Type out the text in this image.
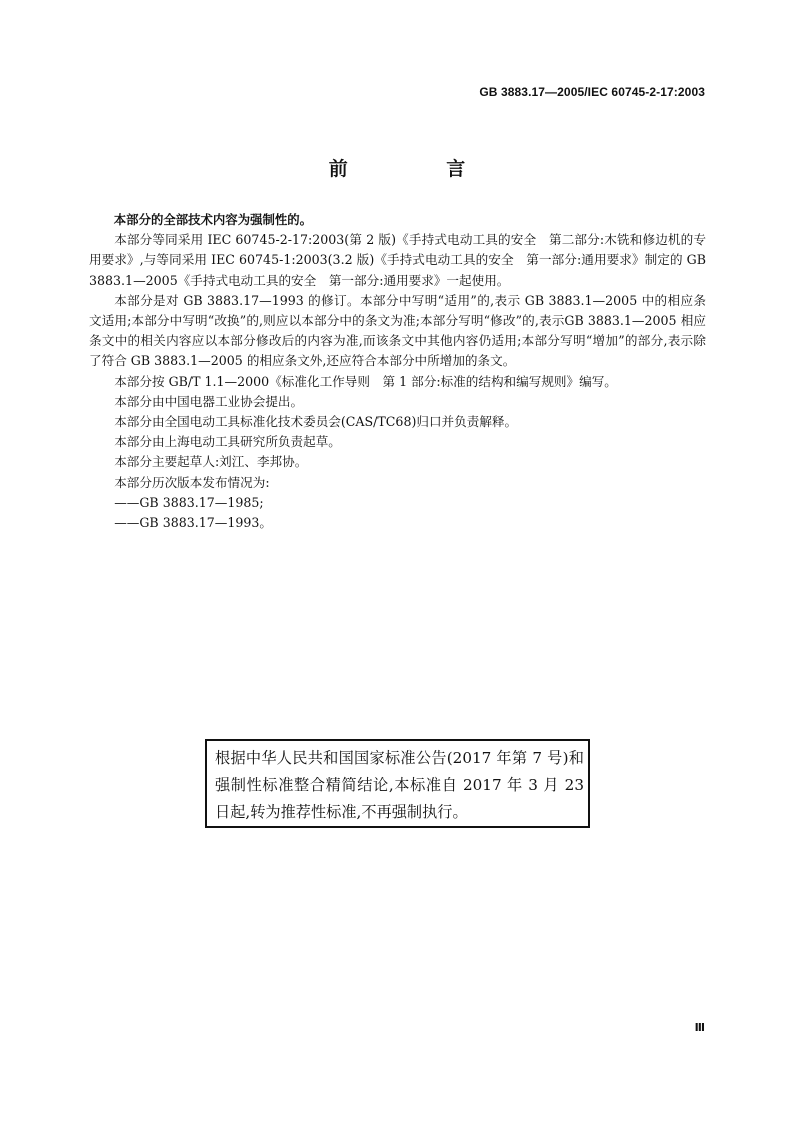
GB 3883.17—2005/IEC 60745-2-17:2003
前 言

本部分的全部技术内容为强制性的。

本部分等同采用 IEC 60745-2-17:2003(第 2 版)《手持式电动工具的安全　第二部分:木铣和修边机的专用要求》,与等同采用 IEC 60745-1:2003(3.2 版)《手持式电动工具的安全　第一部分:通用要求》制定的 GB 3883.1—2005《手持式电动工具的安全　第一部分:通用要求》一起使用。

本部分是对 GB 3883.17—1993 的修订。本部分中写明“适用”的,表示 GB 3883.1—2005 中的相应条文适用;本部分中写明“改换”的,则应以本部分中的条文为准;本部分写明“修改”的,表示GB 3883.1—2005 相应条文中的相关内容应以本部分修改后的内容为准,而该条文中其他内容仍适用;本部分写明“增加”的部分,表示除了符合 GB 3883.1—2005 的相应条文外,还应符合本部分中所增加的条文。

本部分按 GB/T 1.1—2000《标准化工作导则　第 1 部分:标准的结构和编写规则》编写。

本部分由中国电器工业协会提出。

本部分由全国电动工具标准化技术委员会(CAS/TC68)归口并负责解释。

本部分由上海电动工具研究所负责起草。

本部分主要起草人:刘江、李邦协。

本部分历次版本发布情况为:

——GB 3883.17—1985;

——GB 3883.17—1993。

根据中华人民共和国国家标准公告(2017 年第 7 号)和强制性标准整合精简结论,本标准自 2017 年 3 月 23 日起,转为推荐性标准,不再强制执行。
Ⅲ
